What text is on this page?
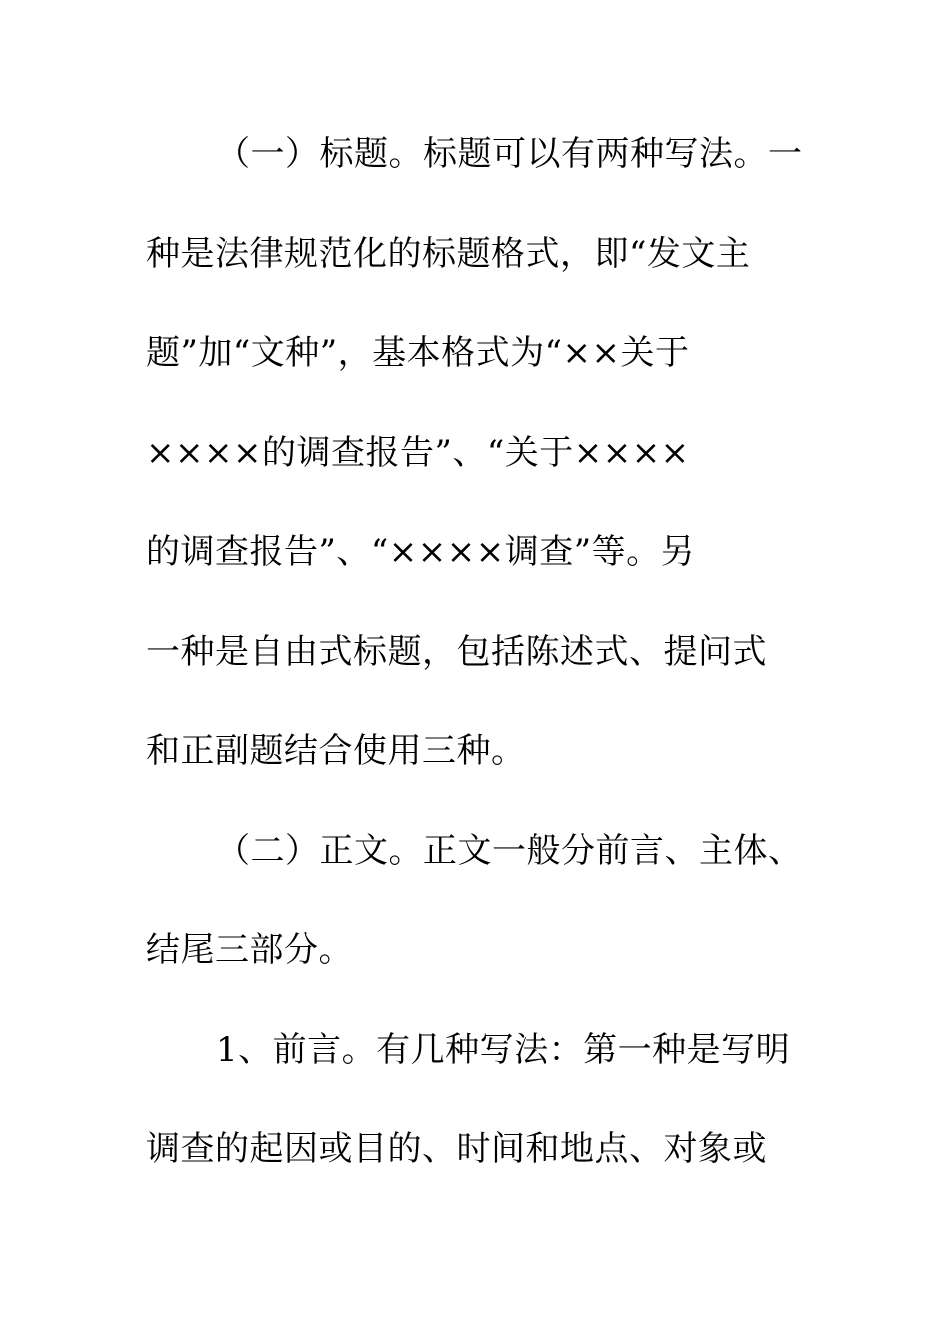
（一）标题。标题可以有两种写法。一
种是法律规范化的标题格式，即“发文主
题”加“文种”，基本格式为“××关于
××××的调查报告”、“关于××××
的调查报告”、“××××调查”等。另
一种是自由式标题，包括陈述式、提问式
和正副题结合使用三种。
（二）正文。正文一般分前言、主体、
结尾三部分。
1、前言。有几种写法：第一种是写明
调查的起因或目的、时间和地点、对象或
